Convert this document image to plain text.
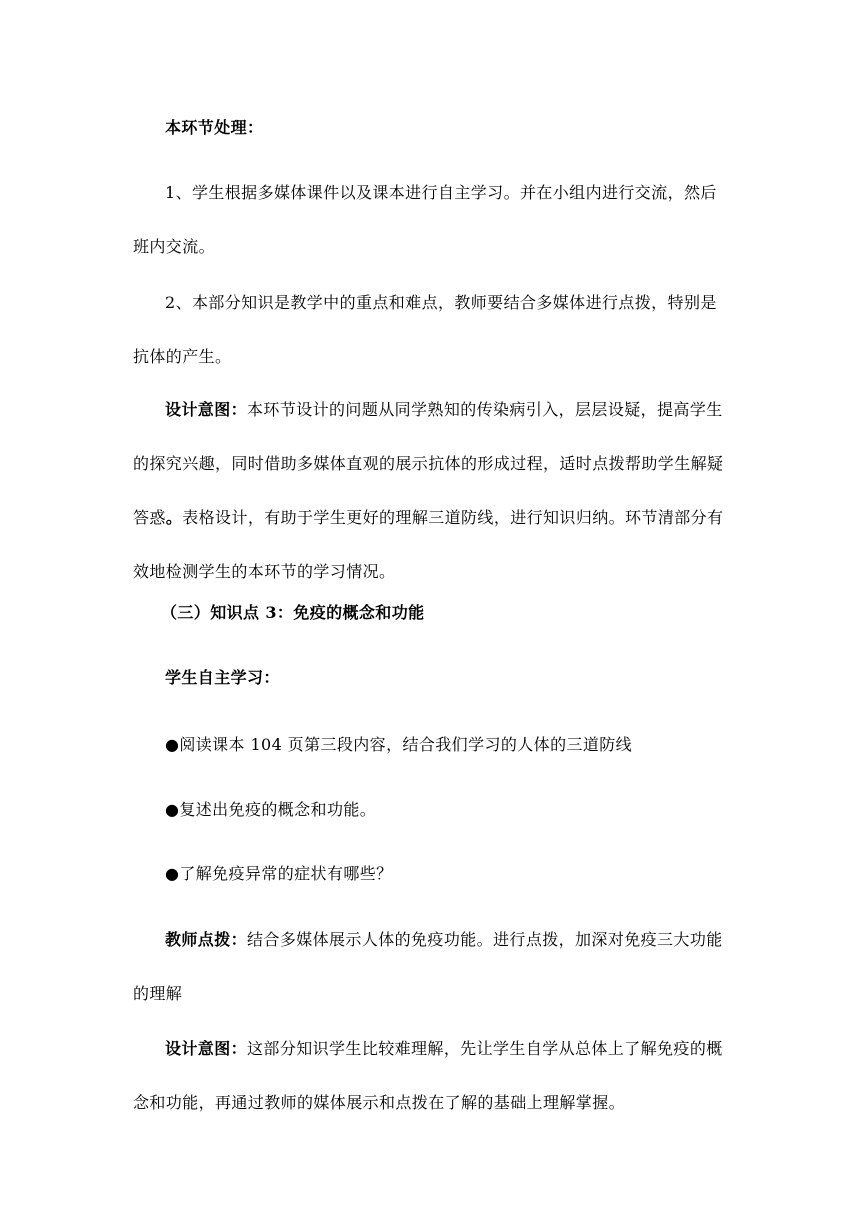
本环节处理：
1、学生根据多媒体课件以及课本进行自主学习。并在小组内进行交流，然后班内交流。
2、本部分知识是教学中的重点和难点，教师要结合多媒体进行点拨，特别是抗体的产生。
设计意图：本环节设计的问题从同学熟知的传染病引入，层层设疑，提高学生的探究兴趣，同时借助多媒体直观的展示抗体的形成过程，适时点拨帮助学生解疑答惑。表格设计，有助于学生更好的理解三道防线，进行知识归纳。环节清部分有效地检测学生的本环节的学习情况。
（三）知识点 3：免疫的概念和功能
学生自主学习：
●阅读课本 104 页第三段内容，结合我们学习的人体的三道防线
●复述出免疫的概念和功能。
●了解免疫异常的症状有哪些？
教师点拨：结合多媒体展示人体的免疫功能。进行点拨，加深对免疫三大功能的理解
设计意图：这部分知识学生比较难理解，先让学生自学从总体上了解免疫的概念和功能，再通过教师的媒体展示和点拨在了解的基础上理解掌握。
